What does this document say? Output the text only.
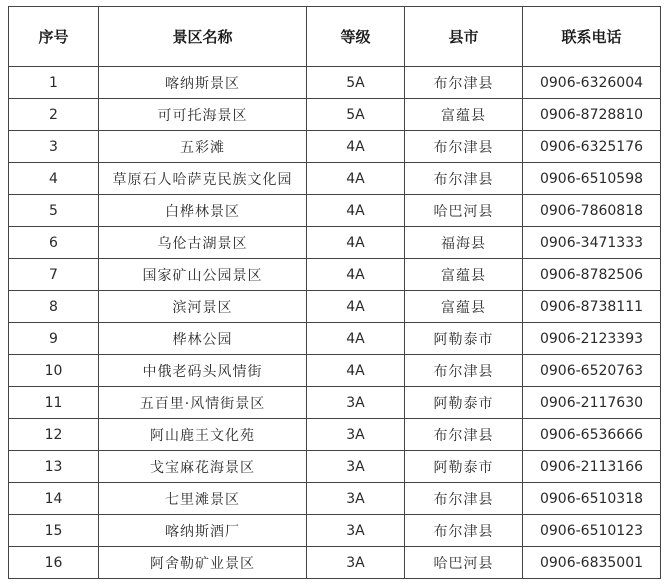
序号	景区名称	等级	县市	联系电话
1	喀纳斯景区	5A	布尔津县	0906-6326004
2	可可托海景区	5A	富蕴县	0906-8728810
3	五彩滩	4A	布尔津县	0906-6325176
4	草原石人哈萨克民族文化园	4A	布尔津县	0906-6510598
5	白桦林景区	4A	哈巴河县	0906-7860818
6	乌伦古湖景区	4A	福海县	0906-3471333
7	国家矿山公园景区	4A	富蕴县	0906-8782506
8	滨河景区	4A	富蕴县	0906-8738111
9	桦林公园	4A	阿勒泰市	0906-2123393
10	中俄老码头风情街	4A	布尔津县	0906-6520763
11	五百里·风情街景区	3A	阿勒泰市	0906-2117630
12	阿山鹿王文化苑	3A	布尔津县	0906-6536666
13	戈宝麻花海景区	3A	阿勒泰市	0906-2113166
14	七里滩景区	3A	布尔津县	0906-6510318
15	喀纳斯酒厂	3A	布尔津县	0906-6510123
16	阿舍勒矿业景区	3A	哈巴河县	0906-6835001
